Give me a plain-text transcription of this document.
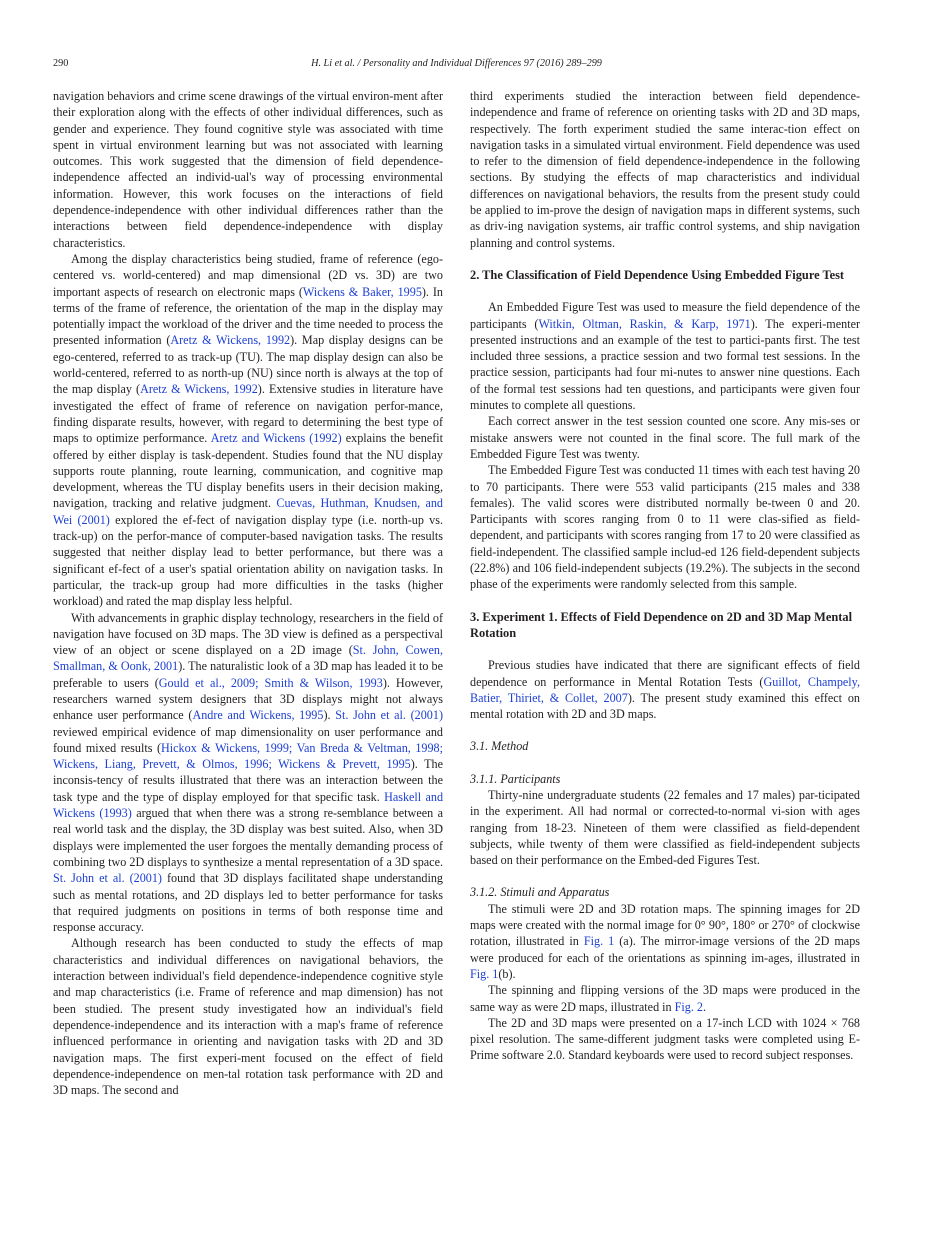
290	H. Li et al. / Personality and Individual Differences 97 (2016) 289–299

navigation behaviors and crime scene drawings of the virtual environ-ment after their exploration along with the effects of other individual differences, such as gender and experience. They found cognitive style was associated with time spent in virtual environment learning but was not associated with learning outcomes. This work suggested that the dimension of field dependence-independence affected an individ-ual's way of processing environmental information. However, this work focuses on the interactions of field dependence-independence with other individual differences rather than the interactions between field dependence-independence with display characteristics.

Among the display characteristics being studied, frame of reference (ego-centered vs. world-centered) and map dimensional (2D vs. 3D) are two important aspects of research on electronic maps (Wickens & Baker, 1995). In terms of the frame of reference, the orientation of the map in the display may potentially impact the workload of the driver and the time needed to process the presented information (Aretz & Wickens, 1992). Map display designs can be ego-centered, referred to as track-up (TU). The map display design can also be world-centered, referred to as north-up (NU) since north is always at the top of the map display (Aretz & Wickens, 1992). Extensive studies in literature have investigated the effect of frame of reference on navigation perfor-mance, finding disparate results, however, with regard to determining the best type of maps to optimize performance. Aretz and Wickens (1992) explains the benefit offered by either display is task-dependent. Studies found that the NU display supports route planning, route learning, communication, and cognitive map development, whereas the TU display benefits users in their decision making, navigation, tracking and relative judgment. Cuevas, Huthman, Knudsen, and Wei (2001) explored the ef-fect of navigation display type (i.e. north-up vs. track-up) on the perfor-mance of computer-based navigation tasks. The results suggested that neither display lead to better performance, but there was a significant ef-fect of a user's spatial orientation ability on navigation tasks. In particular, the track-up group had more difficulties in the tasks (higher workload) and rated the map display less helpful.

With advancements in graphic display technology, researchers in the field of navigation have focused on 3D maps. The 3D view is defined as a perspectival view of an object or scene displayed on a 2D image (St. John, Cowen, Smallman, & Oonk, 2001). The naturalistic look of a 3D map has leaded it to be preferable to users (Gould et al., 2009; Smith & Wilson, 1993). However, researchers warned system designers that 3D displays might not always enhance user performance (Andre and Wickens, 1995). St. John et al. (2001) reviewed empirical evidence of map dimensionality on user performance and found mixed results (Hickox & Wickens, 1999; Van Breda & Veltman, 1998; Wickens, Liang, Prevett, & Olmos, 1996; Wickens & Prevett, 1995). The inconsis-tency of results illustrated that there was an interaction between the task type and the type of display employed for that specific task. Haskell and Wickens (1993) argued that when there was a strong re-semblance between a real world task and the display, the 3D display was best suited. Also, when 3D displays were implemented the user forgoes the mentally demanding process of combining two 2D displays to synthesize a mental representation of a 3D space. St. John et al. (2001) found that 3D displays facilitated shape understanding such as mental rotations, and 2D displays led to better performance for tasks that required judgments on positions in terms of both response time and response accuracy.

Although research has been conducted to study the effects of map characteristics and individual differences on navigational behaviors, the interaction between individual's field dependence-independence cognitive style and map characteristics (i.e. Frame of reference and map dimension) has not been studied. The present study investigated how an individual's field dependence-independence and its interaction with a map's frame of reference influenced performance in orienting and navigation tasks with 2D and 3D navigation maps. The first experi-ment focused on the effect of field dependence-independence on men-tal rotation task performance with 2D and 3D maps. The second and

third experiments studied the interaction between field dependence-independence and frame of reference on orienting tasks with 2D and 3D maps, respectively. The forth experiment studied the same interac-tion effect on navigation tasks in a simulated virtual environment. Field dependence was used to refer to the dimension of field dependence-independence in the following sections. By studying the effects of map characteristics and individual differences on navigational behaviors, the results from the present study could be applied to im-prove the design of navigation maps in different systems, such as driv-ing navigation systems, air traffic control systems, and ship navigation planning and control systems.

2. The Classification of Field Dependence Using Embedded Figure Test

An Embedded Figure Test was used to measure the field dependence of the participants (Witkin, Oltman, Raskin, & Karp, 1971). The experi-menter presented instructions and an example of the test to partici-pants first. The test included three sessions, a practice session and two formal test sessions. In the practice session, participants had four mi-nutes to answer nine questions. Each of the formal test sessions had ten questions, and participants were given four minutes to complete all questions.

Each correct answer in the test session counted one score. Any mis-ses or mistake answers were not counted in the final score. The full mark of the Embedded Figure Test was twenty.

The Embedded Figure Test was conducted 11 times with each test having 20 to 70 participants. There were 553 valid participants (215 males and 338 females). The valid scores were distributed normally be-tween 0 and 20. Participants with scores ranging from 0 to 11 were clas-sified as field-dependent, and participants with scores ranging from 17 to 20 were classified as field-independent. The classified sample includ-ed 126 field-dependent subjects (22.8%) and 106 field-independent subjects (19.2%). The subjects in the second phase of the experiments were randomly selected from this sample.

3. Experiment 1. Effects of Field Dependence on 2D and 3D Map Mental Rotation

Previous studies have indicated that there are significant effects of field dependence on performance in Mental Rotation Tests (Guillot, Champely, Batier, Thiriet, & Collet, 2007). The present study examined this effect on mental rotation with 2D and 3D maps.

3.1. Method
3.1.1. Participants

Thirty-nine undergraduate students (22 females and 17 males) par-ticipated in the experiment. All had normal or corrected-to-normal vi-sion with ages ranging from 18-23. Nineteen of them were classified as field-dependent subjects, while twenty of them were classified as field-independent subjects based on their performance on the Embed-ded Figures Test.

3.1.2. Stimuli and Apparatus

The stimuli were 2D and 3D rotation maps. The spinning images for 2D maps were created with the normal image for 0° 90°, 180° or 270° of clockwise rotation, illustrated in Fig. 1 (a). The mirror-image versions of the 2D maps were produced for each of the orientations as spinning im-ages, illustrated in Fig. 1(b).

The spinning and flipping versions of the 3D maps were produced in the same way as were 2D maps, illustrated in Fig. 2.

The 2D and 3D maps were presented on a 17-inch LCD with 1024 × 768 pixel resolution. The same-different judgment tasks were completed using E-Prime software 2.0. Standard keyboards were used to record subject responses.
